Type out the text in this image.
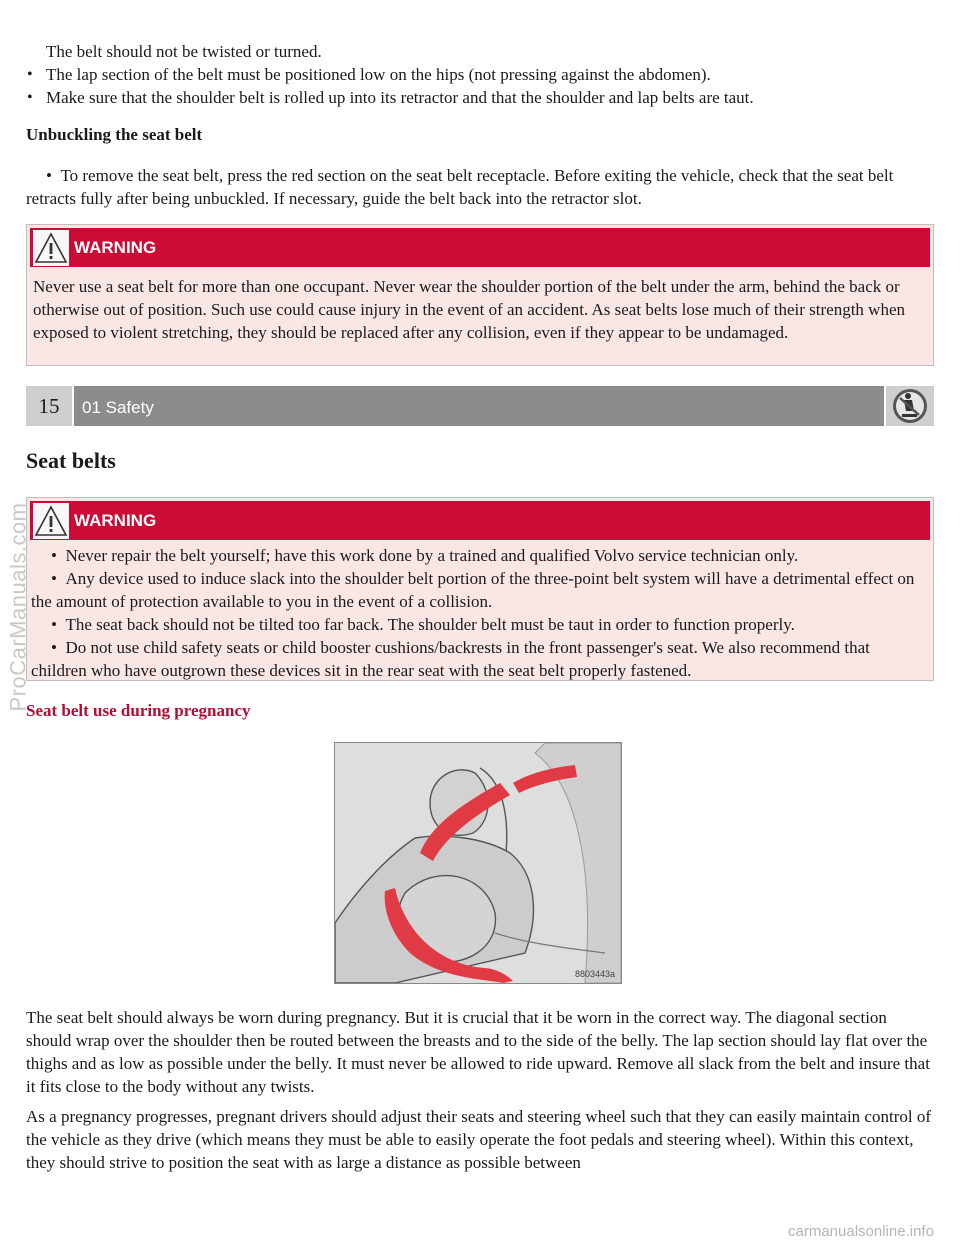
The belt should not be twisted or turned.

• The lap section of the belt must be positioned low on the hips (not pressing against the abdomen).
• Make sure that the shoulder belt is rolled up into its retractor and that the shoulder and lap belts are taut.

Unbuckling the seat belt

•  To remove the seat belt, press the red section on the seat belt receptacle. Before exiting the vehicle, check that the seat belt retracts fully after being unbuckled. If necessary, guide the belt back into the retractor slot.

WARNING

Never use a seat belt for more than one occupant. Never wear the shoulder portion of the belt under the arm, behind the back or otherwise out of position. Such use could cause injury in the event of an accident. As seat belts lose much of their strength when exposed to violent stretching, they should be replaced after any collision, even if they appear to be undamaged.

15	01 Safety
Seat belts
WARNING

•  Never repair the belt yourself; have this work done by a trained and qualified Volvo service technician only.

•  Any device used to induce slack into the shoulder belt portion of the three-point belt system will have a detrimental effect on the amount of protection available to you in the event of a collision.

•  The seat back should not be tilted too far back. The shoulder belt must be taut in order to function properly.

•  Do not use child safety seats or child booster cushions/backrests in the front passenger's seat. We also recommend that children who have outgrown these devices sit in the rear seat with the seat belt properly fastened.

Seat belt use during pregnancy
8803443a

The seat belt should always be worn during pregnancy. But it is crucial that it be worn in the correct way. The diagonal section should wrap over the shoulder then be routed between the breasts and to the side of the belly. The lap section should lay flat over the thighs and as low as possible under the belly. It must never be allowed to ride upward. Remove all slack from the belt and insure that it fits close to the body without any twists.

As a pregnancy progresses, pregnant drivers should adjust their seats and steering wheel such that they can easily maintain control of the vehicle as they drive (which means they must be able to easily operate the foot pedals and steering wheel). Within this context, they should strive to position the seat with as large a distance as possible between

ProCarManuals.com
carmanualsonline.info
